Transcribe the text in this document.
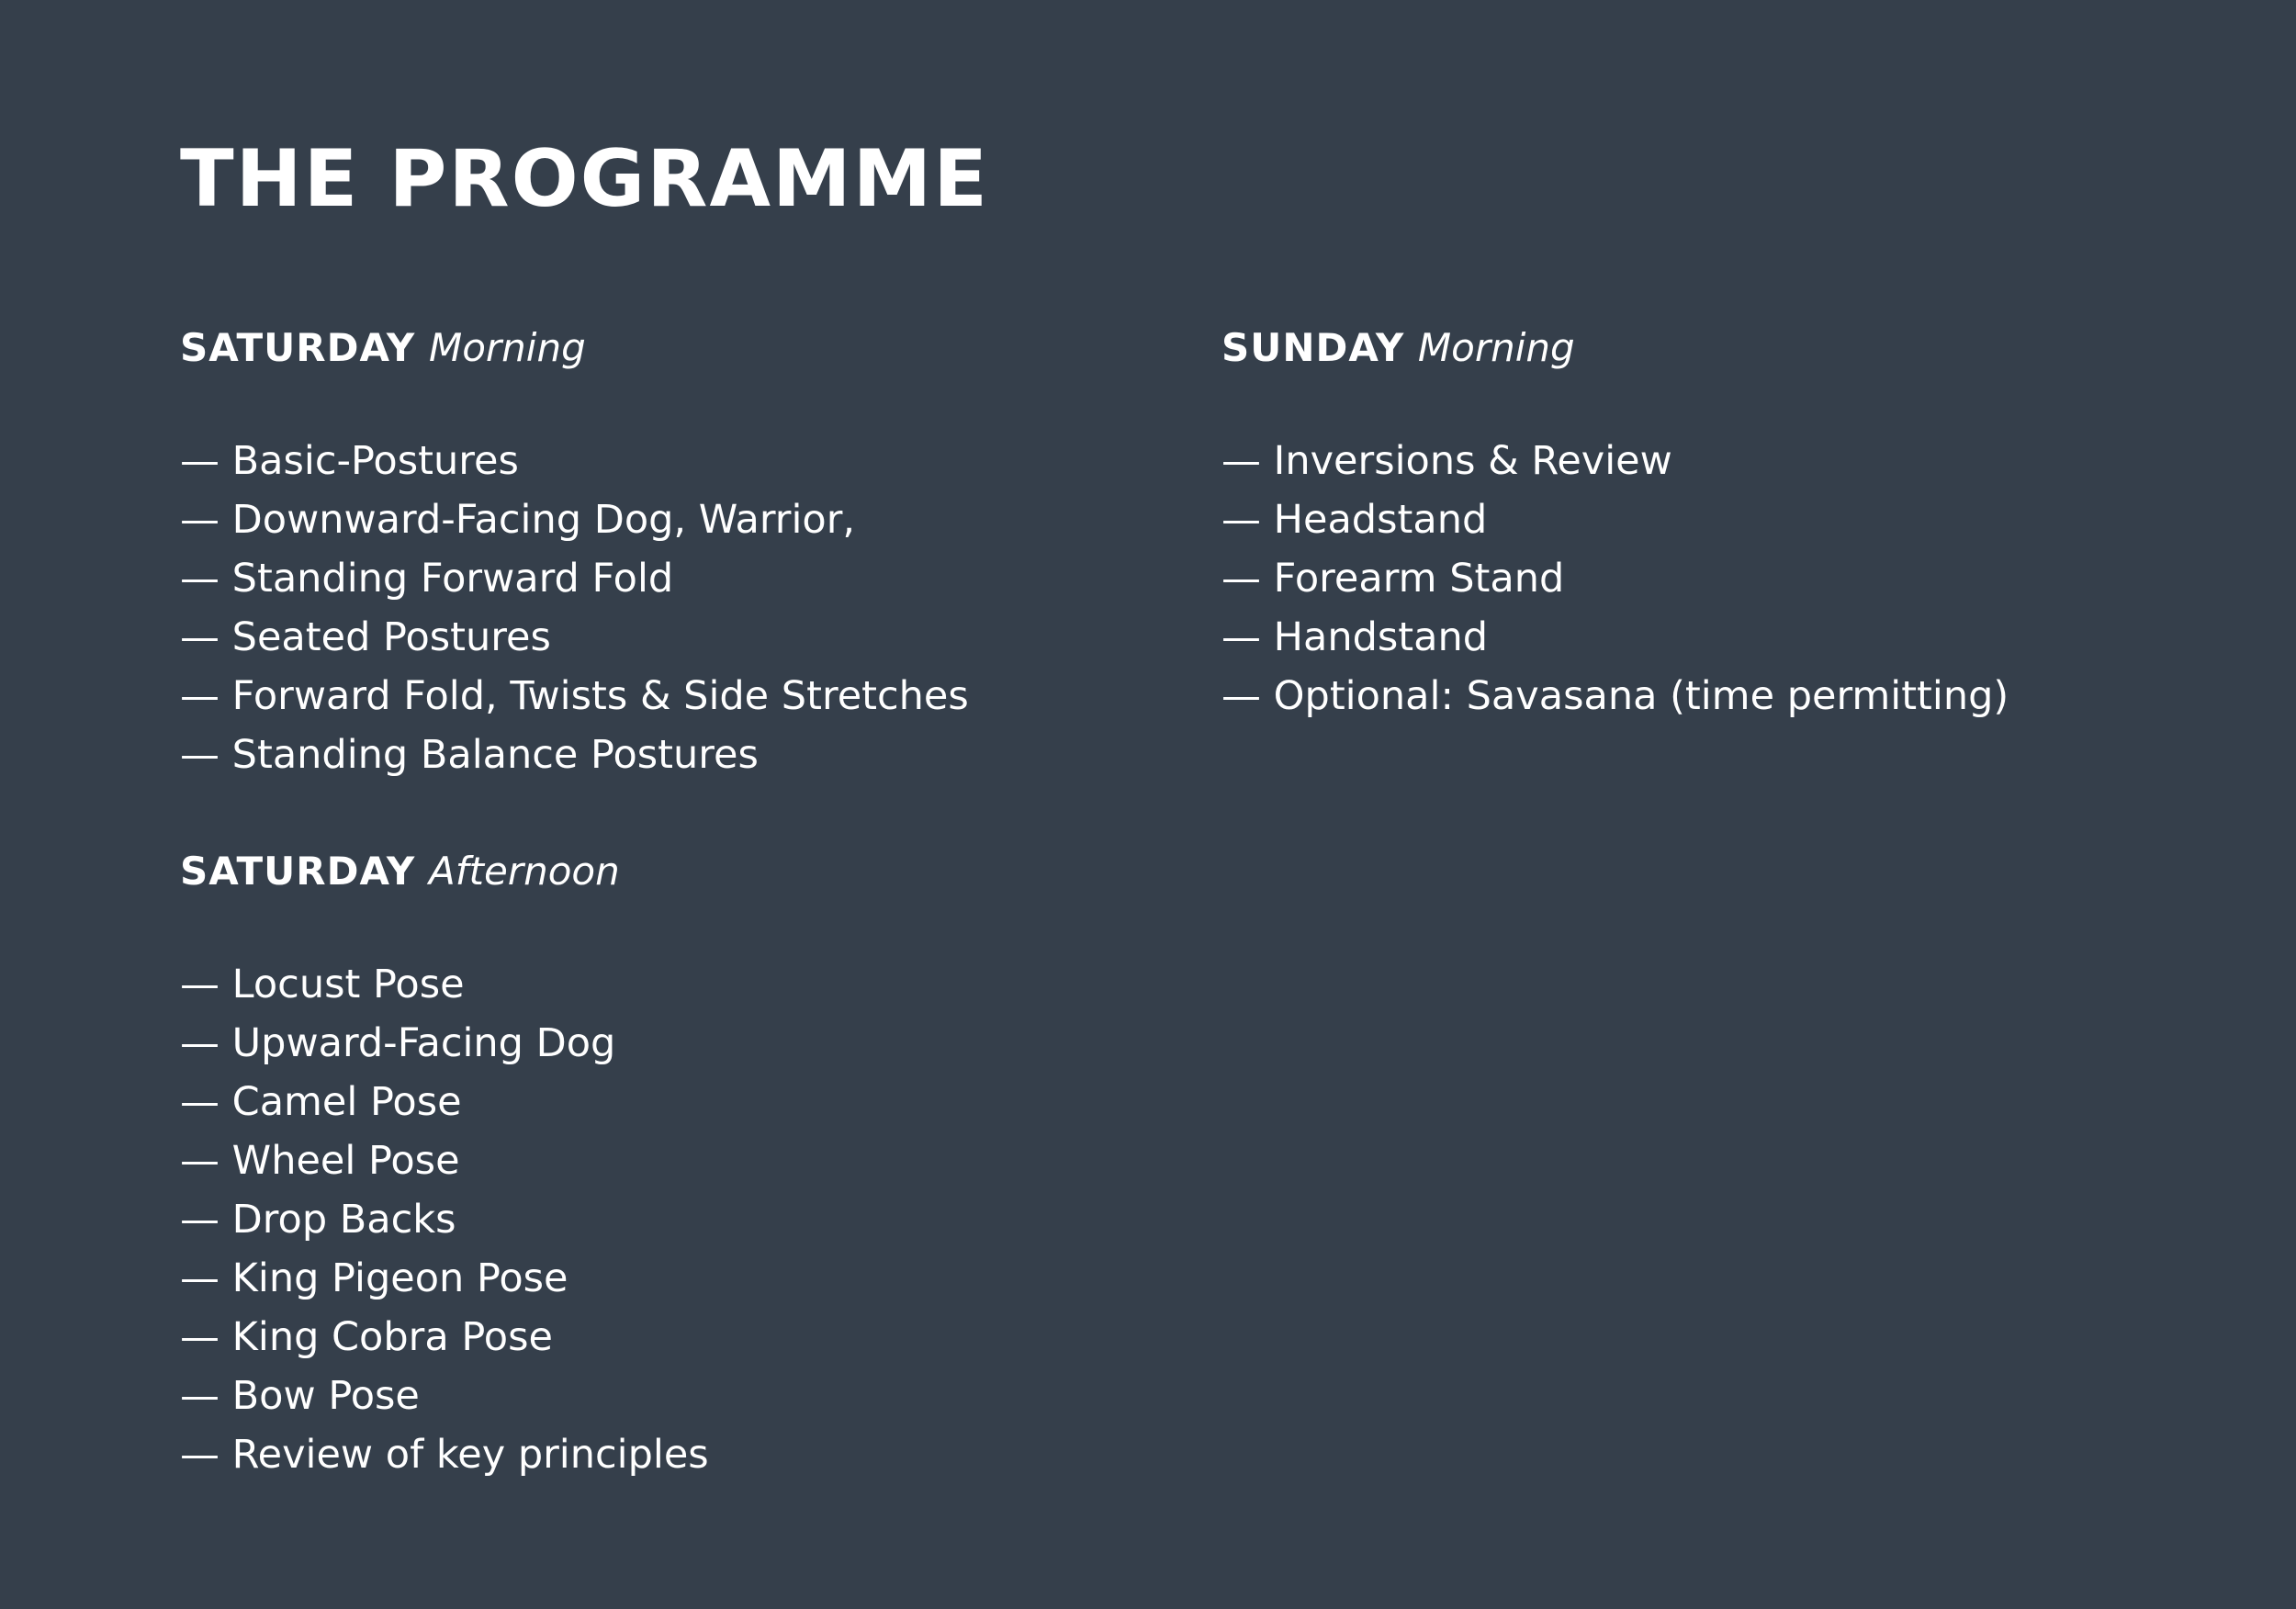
THE PROGRAMME
SATURDAY Morning
— Basic-Postures
— Downward-Facing Dog, Warrior,
— Standing Forward Fold
— Seated Postures
— Forward Fold, Twists & Side Stretches
— Standing Balance Postures
SATURDAY Afternoon
— Locust Pose
— Upward-Facing Dog
— Camel Pose
— Wheel Pose
— Drop Backs
— King Pigeon Pose
— King Cobra Pose
— Bow Pose
— Review of key principles
SUNDAY Morning
— Inversions & Review
— Headstand
— Forearm Stand
— Handstand
— Optional: Savasana (time permitting)
